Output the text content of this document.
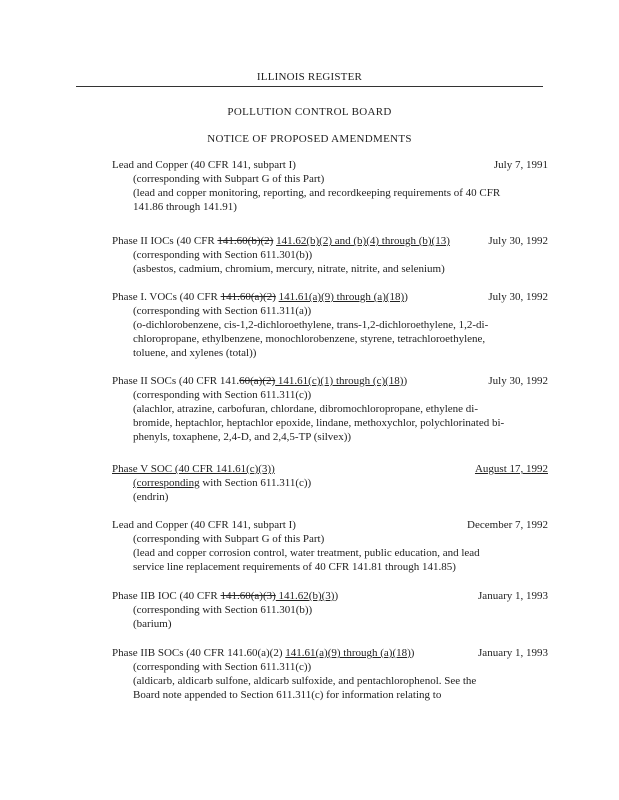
ILLINOIS REGISTER
POLLUTION CONTROL BOARD
NOTICE OF PROPOSED AMENDMENTS
Lead and Copper (40 CFR 141, subpart I)	July 7, 1991
(corresponding with Subpart G of this Part)
(lead and copper monitoring, reporting, and recordkeeping requirements of 40 CFR
141.86 through 141.91)
Phase II IOCs (40 CFR 141.60(b)(2) 141.62(b)(2) and (b)(4) through (b)(13)	July 30, 1992
(corresponding with Section 611.301(b))
(asbestos, cadmium, chromium, mercury, nitrate, nitrite, and selenium)
Phase I. VOCs (40 CFR 141.60(a)(2) 141.61(a)(9) through (a)(18))	July 30, 1992
(corresponding with Section 611.311(a))
(o-dichlorobenzene, cis-1,2-dichloroethylene, trans-1,2-dichloroethylene, 1,2-di-
chloropropane, ethylbenzene, monochlorobenzene, styrene, tetrachloroethylene,
toluene, and xylenes (total))
Phase II SOCs (40 CFR 141.60(a)(2) 141.61(c)(1) through (c)(18))	July 30, 1992
(corresponding with Section 611.311(c))
(alachlor, atrazine, carbofuran, chlordane, dibromochloropropane, ethylene di-
bromide, heptachlor, heptachlor epoxide, lindane, methoxychlor, polychlorinated bi-
phenyls, toxaphene, 2,4-D, and 2,4,5-TP (silvex))
Phase V SOC (40 CFR 141.61(c)(3))	August 17, 1992
(corresponding with Section 611.311(c))
(endrin)
Lead and Copper (40 CFR 141, subpart I)	December 7, 1992
(corresponding with Subpart G of this Part)
(lead and copper corrosion control, water treatment, public education, and lead
service line replacement requirements of 40 CFR 141.81 through 141.85)
Phase IIB IOC (40 CFR 141.60(a)(3) 141.62(b)(3))	January 1, 1993
(corresponding with Section 611.301(b))
(barium)
Phase IIB SOCs (40 CFR 141.60(a)(2) 141.61(a)(9) through (a)(18))	January 1, 1993
(corresponding with Section 611.311(c))
(aldicarb, aldicarb sulfone, aldicarb sulfoxide, and pentachlorophenol. See the
Board note appended to Section 611.311(c) for information relating to
